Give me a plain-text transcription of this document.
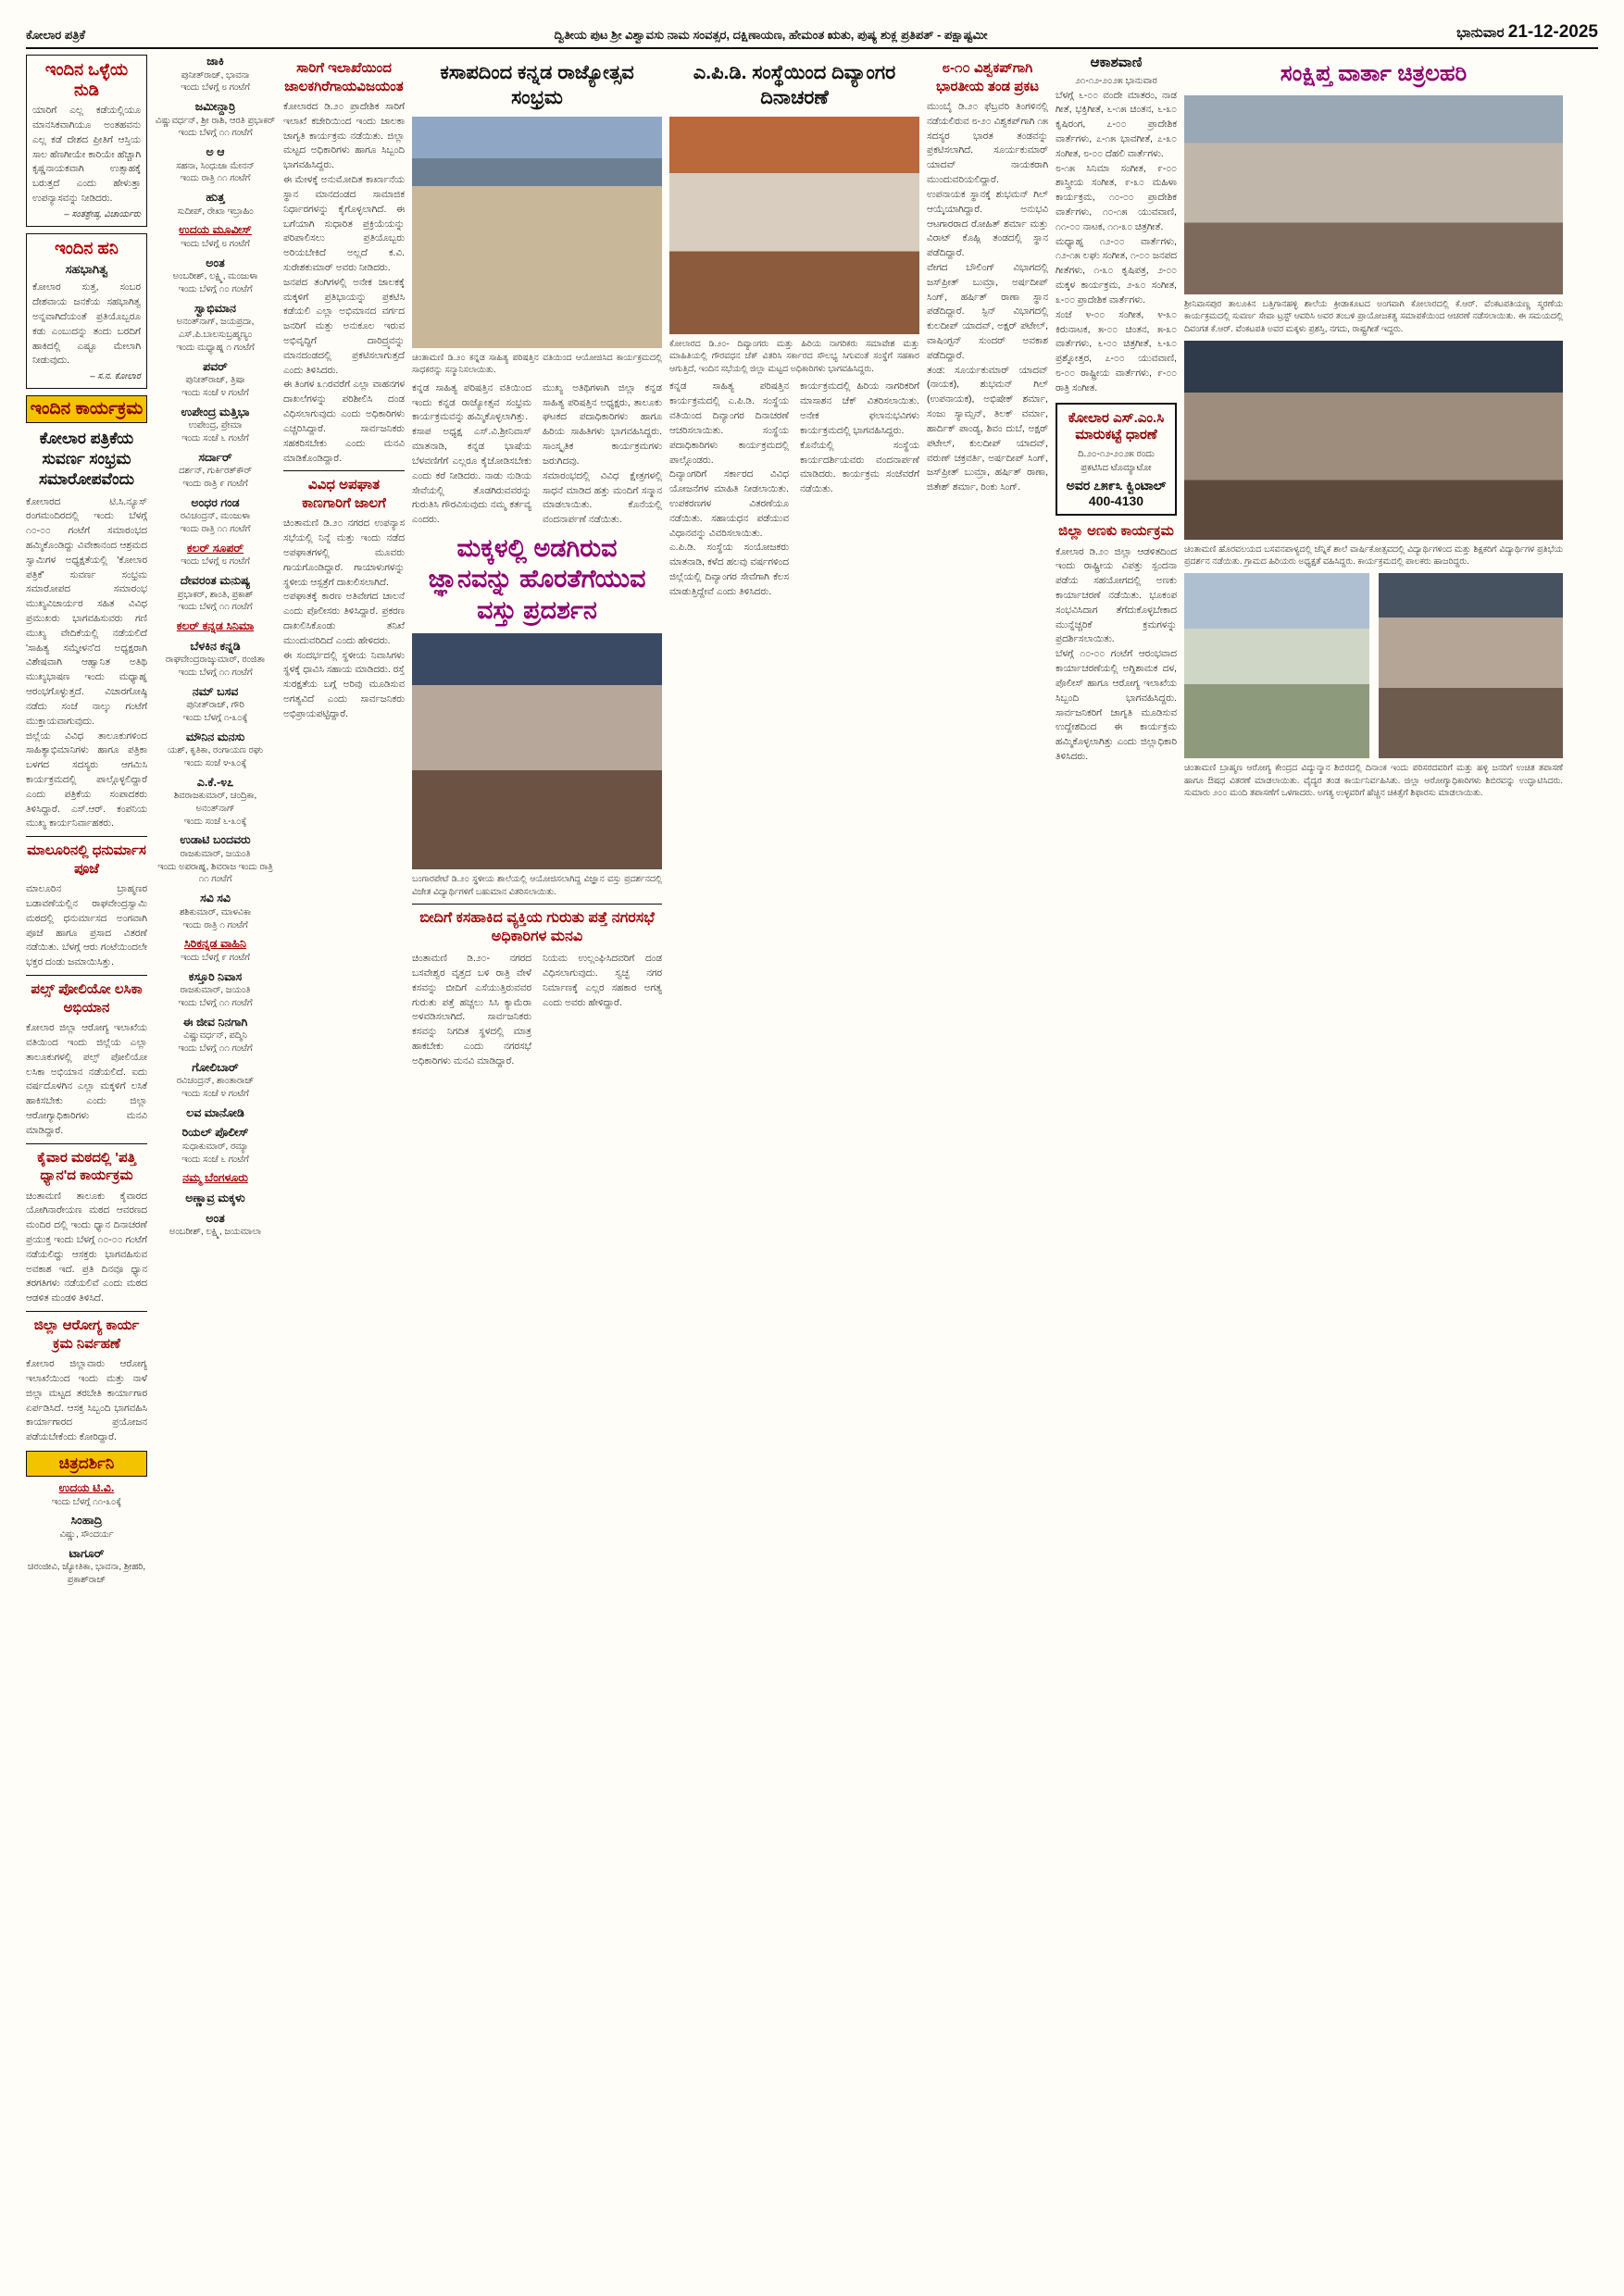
ಕೋಲಾರ ಪತ್ರಿಕೆ	ದ್ವಿತೀಯ ಪುಟ ಶ್ರೀ ವಿಶ್ವಾವಸು ನಾಮ ಸಂವತ್ಸರ, ದಕ್ಷಿಣಾಯಣ, ಹೇಮಂತ ಋತು, ಪುಷ್ಯ ಶುಕ್ಲ ಪ್ರತಿಪತ್ - ಪಕ್ಷಾಷ್ಟಮೀ	ಭಾನುವಾರ 21-12-2025
ಇಂದಿನ ಒಳ್ಳೆಯ ನುಡಿ
ಯಾರಿಗೆ ಎಲ್ಲ ಕಡೆಯಲ್ಲಿಯೂ ಮಾನಸಿಕವಾಗಿಯೂ ಅಂತಹವನು ಎಲ್ಲ ಕಡೆ ದೇಶದ ಪ್ರೀತಿಗೆ ಆಸ್ತಿಯ ಸಾಲ ಹೆಣಗೀಯೇ ಕಾರಿಯೇ ಹೆಚ್ಚಾಗಿ ಕೃಷ್ಣನಾಯಕವಾಗಿ ಉತ್ಸಾಹಕ್ಕೆ ಬರುತ್ತದೆ ಎಂದು ಹೇಳುತ್ತಾ ಉಪನ್ಯಾಸವನ್ನು ನೀಡಿದರು.
– ಸಂತಶ್ರೇಷ್ಠ, ವಿಚಾರ್ಯರು
ಇಂದಿನ ಹನಿ
ಸಹಭಾಗಿತ್ವ
ಕೋಲಾರ ಸುತ್ತ, ಸಂಬರ ದೇಶವಾಯ ಜನಕೆಯ ಸಹಭಾಗಿತ್ವ ಅನ್ನವಾಗಿದೆಯಂತೆ ಪ್ರತಿಯೊಬ್ಬರೂ ಕಡು ಎಂಬುದನ್ನು ತಂದು ಬರದಿಗೆ ಹಾಕಿದಲ್ಲಿ ಎಷ್ಟೂ ಮೇಲಾಗಿ ನೀಡುವುದು.
– ಸ.ನ. ಕೋಲಾರ
ಇಂದಿನ ಕಾರ್ಯಕ್ರಮ
ಕೋಲಾರ ಪತ್ರಿಕೆಯ ಸುವರ್ಣ ಸಂಭ್ರಮ ಸಮಾರೋಪವೆಂದು
ಕೋಲಾರದ ಟಿ.ಸಿ.ನ್ಯೂಸ್ ರಂಗಮಂದಿರದಲ್ಲಿ ಇಂದು ಬೆಳಗ್ಗೆ ೧೦-೦೦ ಗಂಟೆಗೆ ಸಮಾರಂಭದ ಹಮ್ಮಿಕೊಂಡಿದ್ದು ವಿವೇಕಾನಂದ ಆಶ್ರಮದ ಸ್ವಾಮಿಗಳ ಅಧ್ಯಕ್ಷತೆಯಲ್ಲಿ 'ಕೋಲಾರ ಪತ್ರಿಕೆ' ಸುವರ್ಣ ಸಂಭ್ರಮ ಸಮಾರೋಪದ ಸಮಾರಂಭ ಮುಖ್ಯವಿಚಾರ್ಯರ ಸಹಿತ ವಿವಿಧ ಪ್ರಮುಖರು ಭಾಗವಹಿಸುವರು ಗಣಿ ಮುಖ್ಯ ವೇದಿಕೆಯಲ್ಲಿ ನಡೆಯಲಿದೆ 'ಸಾಹಿತ್ಯ ಸಮ್ಮೇಳನ'ದ ಅಧ್ಯಕ್ಷರಾಗಿ ವಿಶೇಷವಾಗಿ ಆಹ್ವಾನಿತ ಅತಿಥಿ ಮುಖ್ಯಭಾಷಣ ಇಂದು ಮಧ್ಯಾಹ್ನ ಆರಂಭಗೊಳ್ಳುತ್ತದೆ. ವಿಚಾರಗೋಷ್ಠಿ ನಡೆದು ಸಂಜೆ ನಾಲ್ಕು ಗಂಟೆಗೆ ಮುಕ್ತಾಯವಾಗುವುದು.
ಜಿಲ್ಲೆಯ ವಿವಿಧ ತಾಲೂಕುಗಳಿಂದ ಸಾಹಿತ್ಯಾಭಿಮಾನಿಗಳು ಹಾಗೂ ಪತ್ರಿಕಾ ಬಳಗದ ಸದಸ್ಯರು ಆಗಮಿಸಿ ಕಾರ್ಯಕ್ರಮದಲ್ಲಿ ಪಾಲ್ಗೊಳ್ಳಲಿದ್ದಾರೆ ಎಂದು ಪತ್ರಿಕೆಯ ಸಂಪಾದಕರು ತಿಳಿಸಿದ್ದಾರೆ. ಎಸ್.ಆರ್. ಕಂಪನಿಯ ಮುಖ್ಯ ಕಾರ್ಯನಿರ್ವಾಹಕರು.
ಮಾಲೂರಿನಲ್ಲಿ ಧನುರ್ಮಾಸ ಪೂಜೆ
ಮಾಲೂರಿನ ಬ್ರಾಹ್ಮಣರ ಬಡಾವಣೆಯಲ್ಲಿನ ರಾಘವೇಂದ್ರಸ್ವಾಮಿ ಮಠದಲ್ಲಿ ಧನುರ್ಮಾಸದ ಅಂಗವಾಗಿ ಪೂಜೆ ಹಾಗೂ ಪ್ರಸಾದ ವಿತರಣೆ ನಡೆಯಿತು. ಬೆಳಗ್ಗೆ ಆರು ಗಂಟೆಯಿಂದಲೇ ಭಕ್ತರ ದಂಡು ಜಮಾಯಿಸಿತ್ತು.
ಪಲ್ಸ್ ಪೋಲಿಯೋ ಲಸಿಕಾ ಅಭಿಯಾನ
ಕೋಲಾರ ಜಿಲ್ಲಾ ಆರೋಗ್ಯ ಇಲಾಖೆಯ ವತಿಯಿಂದ ಇಂದು ಜಿಲ್ಲೆಯ ಎಲ್ಲಾ ತಾಲೂಕುಗಳಲ್ಲಿ ಪಲ್ಸ್ ಪೋಲಿಯೋ ಲಸಿಕಾ ಅಭಿಯಾನ ನಡೆಯಲಿದೆ. ಐದು ವರ್ಷದೊಳಗಿನ ಎಲ್ಲಾ ಮಕ್ಕಳಿಗೆ ಲಸಿಕೆ ಹಾಕಿಸಬೇಕು ಎಂದು ಜಿಲ್ಲಾ ಆರೋಗ್ಯಾಧಿಕಾರಿಗಳು ಮನವಿ ಮಾಡಿದ್ದಾರೆ.
ಕೈವಾರ ಮಠದಲ್ಲಿ 'ಪತ್ತಿ ಧ್ಯಾನ'ದ ಕಾರ್ಯಕ್ರಮ
ಚಿಂತಾಮಣಿ ತಾಲೂಕು ಕೈವಾರದ ಯೋಗಿನಾರೇಯಣ ಮಠದ ಆವರಣದ ಮಂದಿರ ದಲ್ಲಿ ಇಂದು ಧ್ಯಾನ ದಿನಾಚರಣೆ ಪ್ರಯುಕ್ತ ಇಂದು ಬೆಳಗ್ಗೆ ೧೦-೦೦ ಗಂಟೆಗೆ ನಡೆಯಲಿದ್ದು ಆಸಕ್ತರು ಭಾಗವಹಿಸುವ ಅವಕಾಶ ಇದೆ. ಪ್ರತಿ ದಿನವೂ ಧ್ಯಾನ ತರಗತಿಗಳು ನಡೆಯಲಿವೆ ಎಂದು ಮಠದ ಆಡಳಿತ ಮಂಡಳಿ ತಿಳಿಸಿದೆ.
ಜಿಲ್ಲಾ ಆರೋಗ್ಯ ಕಾರ್ಯ ಕ್ರಮ ನಿರ್ವಹಣೆ
ಕೋಲಾರ ಜಿಲ್ಲಾವಾರು ಆರೋಗ್ಯ ಇಲಾಖೆಯಿಂದ ಇಂದು ಮತ್ತು ನಾಳೆ ಜಿಲ್ಲಾ ಮಟ್ಟದ ತರಬೇತಿ ಕಾರ್ಯಾಗಾರ ಏರ್ಪಡಿಸಿದೆ. ಆಸಕ್ತ ಸಿಬ್ಬಂದಿ ಭಾಗವಹಿಸಿ ಕಾರ್ಯಾಗಾರದ ಪ್ರಯೋಜನ ಪಡೆಯಬೇಕೆಂದು ಕೋರಿದ್ದಾರೆ.
ಚಿತ್ರದರ್ಶಿನಿ
ಉದಯ ಟಿ.ವಿ.
ಇಂದು ಬೆಳಗ್ಗೆ ೧೧-೩೦ಕ್ಕೆ
ಸಿಂಹಾದ್ರಿ
ವಿಷ್ಣು, ಸೌಂದರ್ಯ
ಟಾಗೂರ್
ಚಿರಂಜೀವಿ, ಜ್ಯೋತಿಕಾ, ಭಾವನಾ, ಶ್ರೀಹರಿ, ಪ್ರಕಾಶ್‌ರಾಜ್
ಜಾಕಿ
ಪುನೀತ್‌ರಾಜ್, ಭಾವನಾ
ಇಂದು ಬೆಳಗ್ಗೆ ೮ ಗಂಟೆಗೆ
ಜಮೀನ್ದಾರ್ರಿ
ವಿಷ್ಣುವರ್ಧನ್, ಶ್ರೀ ರಾಶಿ, ಆರತಿ ಪ್ರಭಾಕರ್
ಇಂದು ಬೆಳಗ್ಗೆ ೧೧ ಗಂಟೆಗೆ
ಅ ಆ
ಸಹನಾ, ಸಿಂಧುಜಾ ಮೇನನ್
ಇಂದು ರಾತ್ರಿ ೧೧ ಗಂಟೆಗೆ
ಹುತ್ತ
ಸುದೀಪ್, ರೇಖಾ ಇಬ್ರಾಹಿಂ
ಉದಯ ಮೂವೀಸ್
ಇಂದು ಬೆಳಗ್ಗೆ ೮ ಗಂಟೆಗೆ
ಅಂತ
ಅಂಬರೀಶ್, ಲಕ್ಷ್ಮಿ, ಮಂಜುಳಾ
ಇಂದು ಬೆಳಗ್ಗೆ ೧೦ ಗಂಟೆಗೆ
ಸ್ವಾಭಿಮಾನ
ಅನಂತ್‌ನಾಗ್, ಜಯಪ್ರದಾ, ಎಸ್.ಪಿ.ಬಾಲಸುಬ್ರಹ್ಮಣ್ಯಂ
ಇಂದು ಮಧ್ಯಾಹ್ನ ೧ ಗಂಟೆಗೆ
ಪವರ್
ಪುನೀತ್‌ರಾಜ್, ತ್ರಿಷಾ
ಇಂದು ಸಂಜೆ ೪ ಗಂಟೆಗೆ
ಉಪೇಂದ್ರ ಮತ್ತಿಭಾ
ಉಪೇಂದ್ರ, ಪ್ರೇಮಾ
ಇಂದು ಸಂಜೆ ೬ ಗಂಟೆಗೆ
ಸರ್ದಾರ್
ದರ್ಶನ್, ಗುರ್ಕಿರತ್‌ಕೌರ್
ಇಂದು ರಾತ್ರಿ ೯ ಗಂಟೆಗೆ
ಅಂಧರ ಗಂಡ
ರವಿಚಂದ್ರನ್, ಮಂಜುಳಾ
ಇಂದು ರಾತ್ರಿ ೧೧ ಗಂಟೆಗೆ
ಕಲರ್ ಸೂಪರ್
ಇಂದು ಬೆಳಗ್ಗೆ ೮ ಗಂಟೆಗೆ
ದೇವರಂತ ಮನುಷ್ಯ
ಪ್ರಭಾಕರ್, ಶಾಂತಿ, ಪ್ರಕಾಶ್
ಇಂದು ಬೆಳಗ್ಗೆ ೧೧ ಗಂಟೆಗೆ
ಕಲರ್ ಕನ್ನಡ ಸಿನಿಮಾ
ಬೆಳಕಿನ ಕನ್ನಡಿ
ರಾಘವೇಂದ್ರರಾಜ್ಕುಮಾರ್, ರಂಜಿತಾ
ಇಂದು ಬೆಳಗ್ಗೆ ೧೧ ಗಂಟೆಗೆ
ನಮ್ ಬಸವ
ಪುನೀತ್‌ರಾಜ್, ಗೌರಿ
ಇಂದು ಬೆಳಗ್ಗೆ ೧-೩೦ಕ್ಕೆ
ಮೌನಿನ ಮನಸು
ಯಶ್, ಕೃತಿಕಾ, ರಂಗಾಯಣ ರಘು
ಇಂದು ಸಂಜೆ ೪-೩೦ಕ್ಕೆ
ಎ.ಕೆ.-೪೭
ಶಿವರಾಜಕುಮಾರ್, ಚಂದ್ರಿಕಾ, ಅನಂತ್‌ನಾಗ್
ಇಂದು ಸಂಜೆ ೬-೩೦ಕ್ಕೆ
ಉಡಾಟಿ ಬಂದವರು
ರಾಜಕುಮಾರ್, ಜಯಂತಿ
ಇಂದು ಅಪರಾಹ್ನ, ಶಿವರಾಜ ಇಂದು ರಾತ್ರಿ ೧೧ ಗಂಟೆಗೆ
ಸವಿ ಸವಿ
ಶಶಿಕುಮಾರ್, ಮಾಳವಿಕಾ
ಇಂದು ರಾತ್ರಿ ೧ ಗಂಟೆಗೆ
ಸಿರಿಕನ್ನಡ ವಾಹಿನಿ
ಇಂದು ಬೆಳಗ್ಗೆ ೯ ಗಂಟೆಗೆ
ಕಸ್ತೂರಿ ನಿವಾಸ
ರಾಜಕುಮಾರ್, ಜಯಂತಿ
ಇಂದು ಬೆಳಗ್ಗೆ ೧೧ ಗಂಟೆಗೆ
ಈ ಜೀವ ನಿನಗಾಗಿ
ವಿಷ್ಣುವರ್ಧನ್, ಪದ್ಮಿನಿ
ಇಂದು ಬೆಳಗ್ಗೆ ೧೧ ಗಂಟೆಗೆ
ಗೋಲಿಬಾರ್
ರವಿಚಂದ್ರನ್, ಶಾಂತಾರಾಜ್
ಇಂದು ಸಂಜೆ ೪ ಗಂಟೆಗೆ
ಲವ ಮಾನೋಡಿ
ರಿಯಲ್ ಪೊಲೀಸ್
ಸುಧಾಕುಮಾರ್, ರಮ್ಯಾ
ಇಂದು ಸಂಜೆ ೬ ಗಂಟೆಗೆ
ನಮ್ಮ ಬೆಂಗಳೂರು
ಅಣ್ಣಾವ್ರ ಮಕ್ಕಳು
ಅಂತ
ಅಂಬರೀಶ್, ಲಕ್ಷ್ಮಿ, ಜಯಮಾಲಾ
ಸಾರಿಗೆ ಇಲಾಖೆಯಿಂದ ಜಾಲಕಗಿರೆಗಾಯವಿಜಯಂತ
ಕೋಲಾರದ ಡಿ.೨೦ ಪ್ರಾದೇಶಿಕ ಸಾರಿಗೆ ಇಲಾಖೆ ಕಚೇರಿಯಿಂದ ಇಂದು ಜಾಲಕಾ ಜಾಗೃತಿ ಕಾರ್ಯಕ್ರಮ ನಡೆಯಿತು. ಜಿಲ್ಲಾ ಮಟ್ಟದ ಅಧಿಕಾರಿಗಳು ಹಾಗೂ ಸಿಬ್ಬಂದಿ ಭಾಗವಹಿಸಿದ್ದರು.
ಈ ಮೇಳಕ್ಕೆ ಅನುಮೋದಿತ ಕಾರ್ಖಾನೆಯ ಸ್ಥಾನ ಮಾನದಂಡದ ಸಾಮಾಜಿಕ ನಿರ್ಧಾರಗಳನ್ನು ಕೈಗೊಳ್ಳಲಾಗಿದೆ. ಈ ಬಗೆಯಾಗಿ ಸುಧಾರಿತ ಪ್ರಕ್ರಿಯೆಯನ್ನು ಪರಿಪಾಲಿಸಲು ಪ್ರತಿಯೊಬ್ಬರು ಅರಿಯಬೇಕಿದೆ ಅಲ್ಲದೆ ಕ.ವಿ. ಸುರೇಶಕುಮಾರ್ ಅವರು ನೀಡಿದರು.
ಜನಪದ ತಂಗಿಗಳಲ್ಲಿ ಅನೇಕ ಜಾಲಕಕ್ಕೆ ಮಕ್ಕಳಿಗೆ ಪ್ರತಿಭಾಯನ್ನು ಪ್ರಕಟಿಸಿ ಕಡೆಯಲಿ ಎಲ್ಲಾ ಅಭಿಮಾನದ ವರ್ಗದ ಜನರಿಗೆ ಮತ್ತು ಅನುಕೂಲ ಇರುವ ಅಭಿವೃದ್ಧಿಗೆ ದಾರಿದ್ರ್ಯವನ್ನು ಮಾನದಂಡದಲ್ಲಿ ಪ್ರಕಟಿಸಲಾಗುತ್ತದೆ ಎಂದು ತಿಳಿಸಿದರು.
ಈ ತಿಂಗಳ ೩೧ರವರೆಗೆ ಎಲ್ಲಾ ವಾಹನಗಳ ದಾಖಲೆಗಳನ್ನು ಪರಿಶೀಲಿಸಿ ದಂಡ ವಿಧಿಸಲಾಗುವುದು ಎಂದು ಅಧಿಕಾರಿಗಳು ಎಚ್ಚರಿಸಿದ್ದಾರೆ. ಸಾರ್ವಜನಿಕರು ಸಹಕರಿಸಬೇಕು ಎಂದು ಮನವಿ ಮಾಡಿಕೊಂಡಿದ್ದಾರೆ.
ವಿವಿಧ ಅಪಘಾತ ಕಾಣಗಾರಿಗೆ ಜಾಲಗೆ
ಚಿಂತಾಮಣಿ ಡಿ.೨೦ ನಗರದ ಉಪನ್ಯಾಸ ಸಭೆಯಲ್ಲಿ ನಿನ್ನೆ ಮತ್ತು ಇಂದು ನಡೆದ ಅಪಘಾತಗಳಲ್ಲಿ ಮೂವರು ಗಾಯಗೊಂಡಿದ್ದಾರೆ. ಗಾಯಾಳುಗಳನ್ನು ಸ್ಥಳೀಯ ಆಸ್ಪತ್ರೆಗೆ ದಾಖಲಿಸಲಾಗಿದೆ.
ಅಪಘಾತಕ್ಕೆ ಕಾರಣ ಅತಿವೇಗದ ಚಾಲನೆ ಎಂದು ಪೊಲೀಸರು ತಿಳಿಸಿದ್ದಾರೆ. ಪ್ರಕರಣ ದಾಖಲಿಸಿಕೊಂಡು ತನಿಖೆ ಮುಂದುವರಿದಿದೆ ಎಂದು ಹೇಳಿದರು.
ಈ ಸಂದರ್ಭದಲ್ಲಿ ಸ್ಥಳೀಯ ನಿವಾಸಿಗಳು ಸ್ಥಳಕ್ಕೆ ಧಾವಿಸಿ ಸಹಾಯ ಮಾಡಿದರು. ರಸ್ತೆ ಸುರಕ್ಷತೆಯ ಬಗ್ಗೆ ಅರಿವು ಮೂಡಿಸುವ ಅಗತ್ಯವಿದೆ ಎಂದು ಸಾರ್ವಜನಿಕರು ಅಭಿಪ್ರಾಯಪಟ್ಟಿದ್ದಾರೆ.
ಕಸಾಪದಿಂದ ಕನ್ನಡ ರಾಜ್ಯೋತ್ಸವ ಸಂಭ್ರಮ
ಚಿಂತಾಮಣಿ ಡಿ.೨೦ ಕನ್ನಡ ಸಾಹಿತ್ಯ ಪರಿಷತ್ತಿನ ವತಿಯಿಂದ ಆಯೋಜಿಸಿದ ಕಾರ್ಯಕ್ರಮದಲ್ಲಿ ಸಾಧಕರನ್ನು ಸನ್ಮಾನಿಸಲಾಯಿತು.
ಕನ್ನಡ ಸಾಹಿತ್ಯ ಪರಿಷತ್ತಿನ ವತಿಯಿಂದ ಇಂದು ಕನ್ನಡ ರಾಜ್ಯೋತ್ಸವ ಸಂಭ್ರಮ ಕಾರ್ಯಕ್ರಮವನ್ನು ಹಮ್ಮಿಕೊಳ್ಳಲಾಗಿತ್ತು.
ಕಸಾಪ ಅಧ್ಯಕ್ಷ ಎಸ್.ವಿ.ಶ್ರೀನಿವಾಸ್ ಮಾತನಾಡಿ, ಕನ್ನಡ ಭಾಷೆಯ ಬೆಳವಣಿಗೆಗೆ ಎಲ್ಲರೂ ಕೈಜೋಡಿಸಬೇಕು ಎಂದು ಕರೆ ನೀಡಿದರು. ನಾಡು ನುಡಿಯ ಸೇವೆಯಲ್ಲಿ ತೊಡಗಿರುವವರನ್ನು ಗುರುತಿಸಿ ಗೌರವಿಸುವುದು ನಮ್ಮ ಕರ್ತವ್ಯ ಎಂದರು.
ಮುಖ್ಯ ಅತಿಥಿಗಳಾಗಿ ಜಿಲ್ಲಾ ಕನ್ನಡ ಸಾಹಿತ್ಯ ಪರಿಷತ್ತಿನ ಅಧ್ಯಕ್ಷರು, ತಾಲೂಕು ಘಟಕದ ಪದಾಧಿಕಾರಿಗಳು ಹಾಗೂ ಹಿರಿಯ ಸಾಹಿತಿಗಳು ಭಾಗವಹಿಸಿದ್ದರು. ಸಾಂಸ್ಕೃತಿಕ ಕಾರ್ಯಕ್ರಮಗಳು ಜರುಗಿದವು.
ಸಮಾರಂಭದಲ್ಲಿ ವಿವಿಧ ಕ್ಷೇತ್ರಗಳಲ್ಲಿ ಸಾಧನೆ ಮಾಡಿದ ಹತ್ತು ಮಂದಿಗೆ ಸನ್ಮಾನ ಮಾಡಲಾಯಿತು. ಕೊನೆಯಲ್ಲಿ ವಂದನಾರ್ಪಣೆ ನಡೆಯಿತು.
ಮಕ್ಕಳಲ್ಲಿ ಅಡಗಿರುವ ಜ್ಞಾನವನ್ನು ಹೊರತೆಗೆಯುವ ವಸ್ತು ಪ್ರದರ್ಶನ
ಬಂಗಾರಪೇಟೆ ಡಿ.೨೦ ಸ್ಥಳೀಯ ಶಾಲೆಯಲ್ಲಿ ಆಯೋಜಿಸಲಾಗಿದ್ದ ವಿಜ್ಞಾನ ವಸ್ತು ಪ್ರದರ್ಶನದಲ್ಲಿ ವಿಜೇತ ವಿದ್ಯಾರ್ಥಿಗಳಿಗೆ ಬಹುಮಾನ ವಿತರಿಸಲಾಯಿತು.
ಬೀದಿಗೆ ಕಸಹಾಕಿದ ವ್ಯಕ್ತಿಯ ಗುರುತು ಪತ್ತೆ ನಗರಸಭೆ ಅಧಿಕಾರಿಗಳ ಮನವಿ
ಚಿಂತಾಮಣಿ ಡಿ.೨೦- ನಗರದ ಬಸವೇಶ್ವರ ವೃತ್ತದ ಬಳಿ ರಾತ್ರಿ ವೇಳೆ ಕಸವನ್ನು ಬೀದಿಗೆ ಎಸೆಯುತ್ತಿರುವವರ ಗುರುತು ಪತ್ತೆ ಹಚ್ಚಲು ಸಿಸಿ ಕ್ಯಾಮೆರಾ ಅಳವಡಿಸಲಾಗಿದೆ. ಸಾರ್ವಜನಿಕರು ಕಸವನ್ನು ನಿಗದಿತ ಸ್ಥಳದಲ್ಲಿ ಮಾತ್ರ ಹಾಕಬೇಕು ಎಂದು ನಗರಸಭೆ ಅಧಿಕಾರಿಗಳು ಮನವಿ ಮಾಡಿದ್ದಾರೆ.
ನಿಯಮ ಉಲ್ಲಂಘಿಸಿದವರಿಗೆ ದಂಡ ವಿಧಿಸಲಾಗುವುದು. ಸ್ವಚ್ಛ ನಗರ ನಿರ್ಮಾಣಕ್ಕೆ ಎಲ್ಲರ ಸಹಕಾರ ಅಗತ್ಯ ಎಂದು ಅವರು ಹೇಳಿದ್ದಾರೆ.
ಎ.ಪಿ.ಡಿ. ಸಂಸ್ಥೆಯಿಂದ ದಿವ್ಯಾಂಗರ ದಿನಾಚರಣೆ
ಕೋಲಾರದ ಡಿ.೨೦- ದಿವ್ಯಾಂಗರು ಮತ್ತು ಹಿರಿಯ ನಾಗರಿಕರು ಸಮಾವೇಶ ಮತ್ತು ಮಾಹಿತಿಯಲ್ಲಿ ಗೌರವಧನ ಚೆಕ್ ವಿತರಿಸಿ ಸರ್ಕಾರದ ಸೌಲಭ್ಯ ಸಿಗುವಂತೆ ಸಂಸ್ಥೆಗೆ ಸಹಕಾರ ಆಗುತ್ತಿದೆ, ಇಂದಿನ ಸಭೆಯಲ್ಲಿ ಜಿಲ್ಲಾ ಮಟ್ಟದ ಅಧಿಕಾರಿಗಳು ಭಾಗವಹಿಸಿದ್ದರು.
ಕನ್ನಡ ಸಾಹಿತ್ಯ ಪರಿಷತ್ತಿನ ಕಾರ್ಯಕ್ರಮದಲ್ಲಿ ಎ.ಪಿ.ಡಿ. ಸಂಸ್ಥೆಯ ವತಿಯಿಂದ ದಿವ್ಯಾಂಗರ ದಿನಾಚರಣೆ ಆಚರಿಸಲಾಯಿತು. ಸಂಸ್ಥೆಯ ಪದಾಧಿಕಾರಿಗಳು ಕಾರ್ಯಕ್ರಮದಲ್ಲಿ ಪಾಲ್ಗೊಂಡರು.
ದಿವ್ಯಾಂಗರಿಗೆ ಸರ್ಕಾರದ ವಿವಿಧ ಯೋಜನೆಗಳ ಮಾಹಿತಿ ನೀಡಲಾಯಿತು. ಉಪಕರಣಗಳ ವಿತರಣೆಯೂ ನಡೆಯಿತು. ಸಹಾಯಧನ ಪಡೆಯುವ ವಿಧಾನವನ್ನು ವಿವರಿಸಲಾಯಿತು.
ಎ.ಪಿ.ಡಿ. ಸಂಸ್ಥೆಯ ಸಂಯೋಜಕರು ಮಾತನಾಡಿ, ಕಳೆದ ಹಲವು ವರ್ಷಗಳಿಂದ ಜಿಲ್ಲೆಯಲ್ಲಿ ದಿವ್ಯಾಂಗರ ಸೇವೆಗಾಗಿ ಕೆಲಸ ಮಾಡುತ್ತಿದ್ದೇವೆ ಎಂದು ತಿಳಿಸಿದರು.
ಕಾರ್ಯಕ್ರಮದಲ್ಲಿ ಹಿರಿಯ ನಾಗರಿಕರಿಗೆ ಮಾಸಾಶನ ಚೆಕ್ ವಿತರಿಸಲಾಯಿತು. ಅನೇಕ ಫಲಾನುಭವಿಗಳು ಕಾರ್ಯಕ್ರಮದಲ್ಲಿ ಭಾಗವಹಿಸಿದ್ದರು.
ಕೊನೆಯಲ್ಲಿ ಸಂಸ್ಥೆಯ ಕಾರ್ಯದರ್ಶಿಯವರು ವಂದನಾರ್ಪಣೆ ಮಾಡಿದರು. ಕಾರ್ಯಕ್ರಮ ಸಂಜೆವರೆಗೆ ನಡೆಯಿತು.
೮-೧೦ ವಿಶ್ವಕಪ್‌ಗಾಗಿ ಭಾರತೀಯ ತಂಡ ಪ್ರಕಟ
ಮುಂಬೈ ಡಿ.೨೦ ಫೆಬ್ರವರಿ ತಿಂಗಳಿನಲ್ಲಿ ನಡೆಯಲಿರುವ ೮-೨೦ ವಿಶ್ವಕಪ್‌ಗಾಗಿ ೧೫ ಸದಸ್ಯರ ಭಾರತ ತಂಡವನ್ನು ಪ್ರಕಟಿಸಲಾಗಿದೆ. ಸೂರ್ಯಕುಮಾರ್ ಯಾದವ್ ನಾಯಕರಾಗಿ ಮುಂದುವರಿಯಲಿದ್ದಾರೆ.
ಉಪನಾಯಕ ಸ್ಥಾನಕ್ಕೆ ಶುಭಮನ್ ಗಿಲ್ ಆಯ್ಕೆಯಾಗಿದ್ದಾರೆ. ಅನುಭವಿ ಆಟಗಾರರಾದ ರೋಹಿತ್ ಶರ್ಮಾ ಮತ್ತು ವಿರಾಟ್ ಕೊಹ್ಲಿ ತಂಡದಲ್ಲಿ ಸ್ಥಾನ ಪಡೆದಿದ್ದಾರೆ.
ವೇಗದ ಬೌಲಿಂಗ್ ವಿಭಾಗದಲ್ಲಿ ಜಸ್‌ಪ್ರೀತ್ ಬುಮ್ರಾ, ಅರ್ಷದೀಪ್ ಸಿಂಗ್, ಹರ್ಷಿತ್ ರಾಣಾ ಸ್ಥಾನ ಪಡೆದಿದ್ದಾರೆ. ಸ್ಪಿನ್ ವಿಭಾಗದಲ್ಲಿ ಕುಲದೀಪ್ ಯಾದವ್, ಅಕ್ಷರ್ ಪಟೇಲ್, ವಾಷಿಂಗ್ಟನ್ ಸುಂದರ್ ಅವಕಾಶ ಪಡೆದಿದ್ದಾರೆ.
ತಂಡ: ಸೂರ್ಯಕುಮಾರ್ ಯಾದವ್ (ನಾಯಕ), ಶುಭಮನ್ ಗಿಲ್ (ಉಪನಾಯಕ), ಅಭಿಷೇಕ್ ಶರ್ಮಾ, ಸಂಜು ಸ್ಯಾಮ್ಸನ್, ತಿಲಕ್ ವರ್ಮಾ, ಹಾರ್ದಿಕ್ ಪಾಂಡ್ಯ, ಶಿವಂ ದುಬೆ, ಅಕ್ಷರ್ ಪಟೇಲ್, ಕುಲದೀಪ್ ಯಾದವ್, ವರುಣ್ ಚಕ್ರವರ್ತಿ, ಅರ್ಷದೀಪ್ ಸಿಂಗ್, ಜಸ್‌ಪ್ರೀತ್ ಬುಮ್ರಾ, ಹರ್ಷಿತ್ ರಾಣಾ, ಜಿತೇಶ್ ಶರ್ಮಾ, ರಿಂಕು ಸಿಂಗ್.
ಆಕಾಶವಾಣಿ
೨೧-೧೨-೨೦೨೫ ಭಾನುವಾರ
ಬೆಳಗ್ಗೆ ೬-೦೦ ವಂದೇ ಮಾತರಂ, ನಾಡ ಗೀತೆ, ಭಕ್ತಿಗೀತೆ, ೬-೧೫ ಚಿಂತನ, ೬-೩೦ ಕೃಷಿರಂಗ, ೭-೦೦ ಪ್ರಾದೇಶಿಕ ವಾರ್ತೆಗಳು, ೭-೧೫ ಭಾವಗೀತೆ, ೭-೩೦ ಸಂಗೀತ, ೮-೦೦ ದೆಹಲಿ ವಾರ್ತೆಗಳು.
೮-೧೫ ಸಿನಿಮಾ ಸಂಗೀತ, ೯-೦೦ ಶಾಸ್ತ್ರೀಯ ಸಂಗೀತ, ೯-೩೦ ಮಹಿಳಾ ಕಾರ್ಯಕ್ರಮ, ೧೦-೦೦ ಪ್ರಾದೇಶಿಕ ವಾರ್ತೆಗಳು, ೧೦-೧೫ ಯುವವಾಣಿ, ೧೧-೦೦ ನಾಟಕ, ೧೧-೩೦ ಚಿತ್ರಗೀತೆ.
ಮಧ್ಯಾಹ್ನ ೧೨-೦೦ ವಾರ್ತೆಗಳು, ೧೨-೧೫ ಲಘು ಸಂಗೀತ, ೧-೦೦ ಜನಪದ ಗೀತೆಗಳು, ೧-೩೦ ಕೃಷಿಪತ್ರ, ೨-೦೦ ಮಕ್ಕಳ ಕಾರ್ಯಕ್ರಮ, ೨-೩೦ ಸಂಗೀತ, ೩-೦೦ ಪ್ರಾದೇಶಿಕ ವಾರ್ತೆಗಳು.
ಸಂಜೆ ೪-೦೦ ಸಂಗೀತ, ೪-೩೦ ಕಿರುನಾಟಕ, ೫-೦೦ ಚಿಂತನ, ೫-೩೦ ವಾರ್ತೆಗಳು, ೬-೦೦ ಚಿತ್ರಗೀತೆ, ೬-೩೦ ಪ್ರಶ್ನೋತ್ತರ, ೭-೦೦ ಯುವವಾಣಿ, ೮-೦೦ ರಾಷ್ಟ್ರೀಯ ವಾರ್ತೆಗಳು, ೯-೦೦ ರಾತ್ರಿ ಸಂಗೀತ.
ಕೋಲಾರ ಎಸ್.ಎಂ.ಸಿ ಮಾರುಕಟ್ಟೆ ಧಾರಣೆ
ದಿ.೨೦-೧೨-೨೦೨೫ ರಂದು ಪ್ರಕಟಿಸಿದ ಟೊಮ್ಯಾಟೋ
ಅವರ ೭೫೯೩ ಕ್ವಿಂಟಾಲ್ 400-4130
ಜಿಲ್ಲಾ ಅಣಕು ಕಾರ್ಯಕ್ರಮ
ಕೋಲಾರ ಡಿ.೨೦ ಜಿಲ್ಲಾ ಆಡಳಿತದಿಂದ ಇಂದು ರಾಷ್ಟ್ರೀಯ ವಿಪತ್ತು ಸ್ಪಂದನಾ ಪಡೆಯ ಸಹಯೋಗದಲ್ಲಿ ಅಣಕು ಕಾರ್ಯಾಚರಣೆ ನಡೆಯಿತು. ಭೂಕಂಪ ಸಂಭವಿಸಿದಾಗ ತೆಗೆದುಕೊಳ್ಳಬೇಕಾದ ಮುನ್ನೆಚ್ಚರಿಕೆ ಕ್ರಮಗಳನ್ನು ಪ್ರದರ್ಶಿಸಲಾಯಿತು.
ಬೆಳಗ್ಗೆ ೧೦-೦೦ ಗಂಟೆಗೆ ಆರಂಭವಾದ ಕಾರ್ಯಾಚರಣೆಯಲ್ಲಿ ಅಗ್ನಿಶಾಮಕ ದಳ, ಪೊಲೀಸ್ ಹಾಗೂ ಆರೋಗ್ಯ ಇಲಾಖೆಯ ಸಿಬ್ಬಂದಿ ಭಾಗವಹಿಸಿದ್ದರು. ಸಾರ್ವಜನಿಕರಿಗೆ ಜಾಗೃತಿ ಮೂಡಿಸುವ ಉದ್ದೇಶದಿಂದ ಈ ಕಾರ್ಯಕ್ರಮ ಹಮ್ಮಿಕೊಳ್ಳಲಾಗಿತ್ತು ಎಂದು ಜಿಲ್ಲಾಧಿಕಾರಿ ತಿಳಿಸಿದರು.
ಸಂಕ್ಷಿಪ್ತ ವಾರ್ತಾ ಚಿತ್ರಲಹರಿ
ಶ್ರೀನಿವಾಸಪುರ ತಾಲೂಕಿನ ಬತ್ತಿಗಾನಹಳ್ಳಿ ಶಾಲೆಯ ಕ್ರೀಡಾಕೂಟದ ಅಂಗವಾಗಿ ಕೋಲಾರದಲ್ಲಿ ಕೆ.ಆರ್. ವೆಂಕಟಪತಿಯಣ್ಣ ಸ್ಮರಣೆಯ ಕಾರ್ಯಕ್ರಮದಲ್ಲಿ ಸುವರ್ಣ ಸೇವಾ ಟ್ರಸ್ಟ್ ಆವರಿಸಿ ಅವರ ತಂಬಳಿ ಪ್ರಾಯೋಜಕತ್ವ ಸಮಾಪಕೆಯಿಂದ ಆಚರಣೆ ನಡೆಸಲಾಯಿತು. ಈ ಸಮಯದಲ್ಲಿ ದಿವಂಗತ ಕೆ.ಆರ್. ವೆಂಕಟಪತಿ ಅವರ ಮಕ್ಕಳು ಪ್ರಶಸ್ತಿ, ನಗದು, ರಾಷ್ಟ್ರಗೀತೆ ಇದ್ದರು.
ಚಿಂತಾಮಣಿ ಹೊರವಲಯದ ಬಸವನಪಾಳ್ಯದಲ್ಲಿ ಜೆನ್ನಿಕೆ ಶಾಲೆ ವಾರ್ಷಿಕೋತ್ಸವದಲ್ಲಿ ವಿದ್ಯಾರ್ಥಿಗಳಿಂದ ಮತ್ತು ಶಿಕ್ಷಕರಿಗೆ ವಿದ್ಯಾರ್ಥಿಗಳ ಪ್ರತಿಭೆಯ ಪ್ರದರ್ಶನ ನಡೆಯಿತು. ಗ್ರಾಮದ ಹಿರಿಯರು ಅಧ್ಯಕ್ಷತೆ ವಹಿಸಿದ್ದರು. ಕಾರ್ಯಕ್ರಮದಲ್ಲಿ ಪಾಲಕರು ಹಾಜರಿದ್ದರು.
ಚಿಂತಾಮಣಿ ಬ್ರಾಹ್ಮಣ ಆರೋಗ್ಯ ಕೇಂದ್ರದ ವಿದ್ಯುನ್ಮಾನ ಶಿಬಿರದಲ್ಲಿ ದಿನಾಂಕ ಇಂದು ಪರಿಸರದವರಿಗೆ ಮತ್ತು ಹಳ್ಳಿ ಜನರಿಗೆ ಉಚಿತ ತಪಾಸಣೆ ಹಾಗೂ ಔಷಧ ವಿತರಣೆ ಮಾಡಲಾಯಿತು. ವೈದ್ಯರ ತಂಡ ಕಾರ್ಯನಿರ್ವಹಿಸಿತು. ಜಿಲ್ಲಾ ಆರೋಗ್ಯಾಧಿಕಾರಿಗಳು ಶಿಬಿರವನ್ನು ಉದ್ಘಾಟಿಸಿದರು. ಸುಮಾರು ೨೦೦ ಮಂದಿ ತಪಾಸಣೆಗೆ ಒಳಗಾದರು. ಅಗತ್ಯ ಉಳ್ಳವರಿಗೆ ಹೆಚ್ಚಿನ ಚಿಕಿತ್ಸೆಗೆ ಶಿಫಾರಸು ಮಾಡಲಾಯಿತು.
